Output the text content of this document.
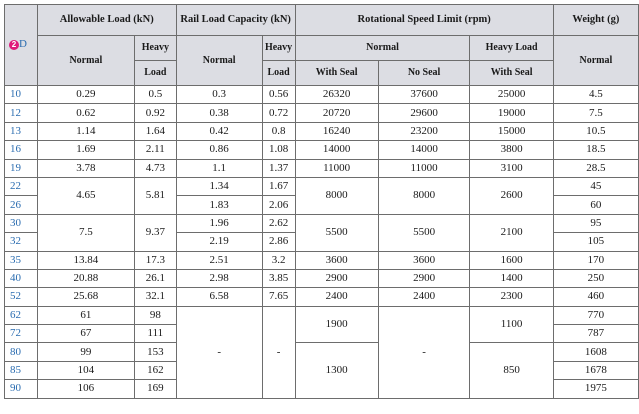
2 D	Allowable Load (kN)		Rail Load Capacity (kN)		Rotational Speed Limit (rpm)			Weight (g)
	Normal	Heavy	Normal	Heavy	Normal		Heavy Load	Normal
		Load		Load	With Seal	No Seal	With Seal	
10	0.29	0.5	0.3	0.56	26320	37600	25000	4.5
12	0.62	0.92	0.38	0.72	20720	29600	19000	7.5
13	1.14	1.64	0.42	0.8	16240	23200	15000	10.5
16	1.69	2.11	0.86	1.08	14000	14000	3800	18.5
19	3.78	4.73	1.1	1.37	11000	11000	3100	28.5
22	4.65	5.81	1.34	1.67	8000	8000	2600	45
26			1.83	2.06				60
30	7.5	9.37	1.96	2.62	5500	5500	2100	95
32			2.19	2.86				105
35	13.84	17.3	2.51	3.2	3600	3600	1600	170
40	20.88	26.1	2.98	3.85	2900	2900	1400	250
52	25.68	32.1	6.58	7.65	2400	2400	2300	460
62	61	98	-	-	1900	-	1100	770
72	67	111						787
80	99	153			1300		850	1608
85	104	162						1678
90	106	169						1975
